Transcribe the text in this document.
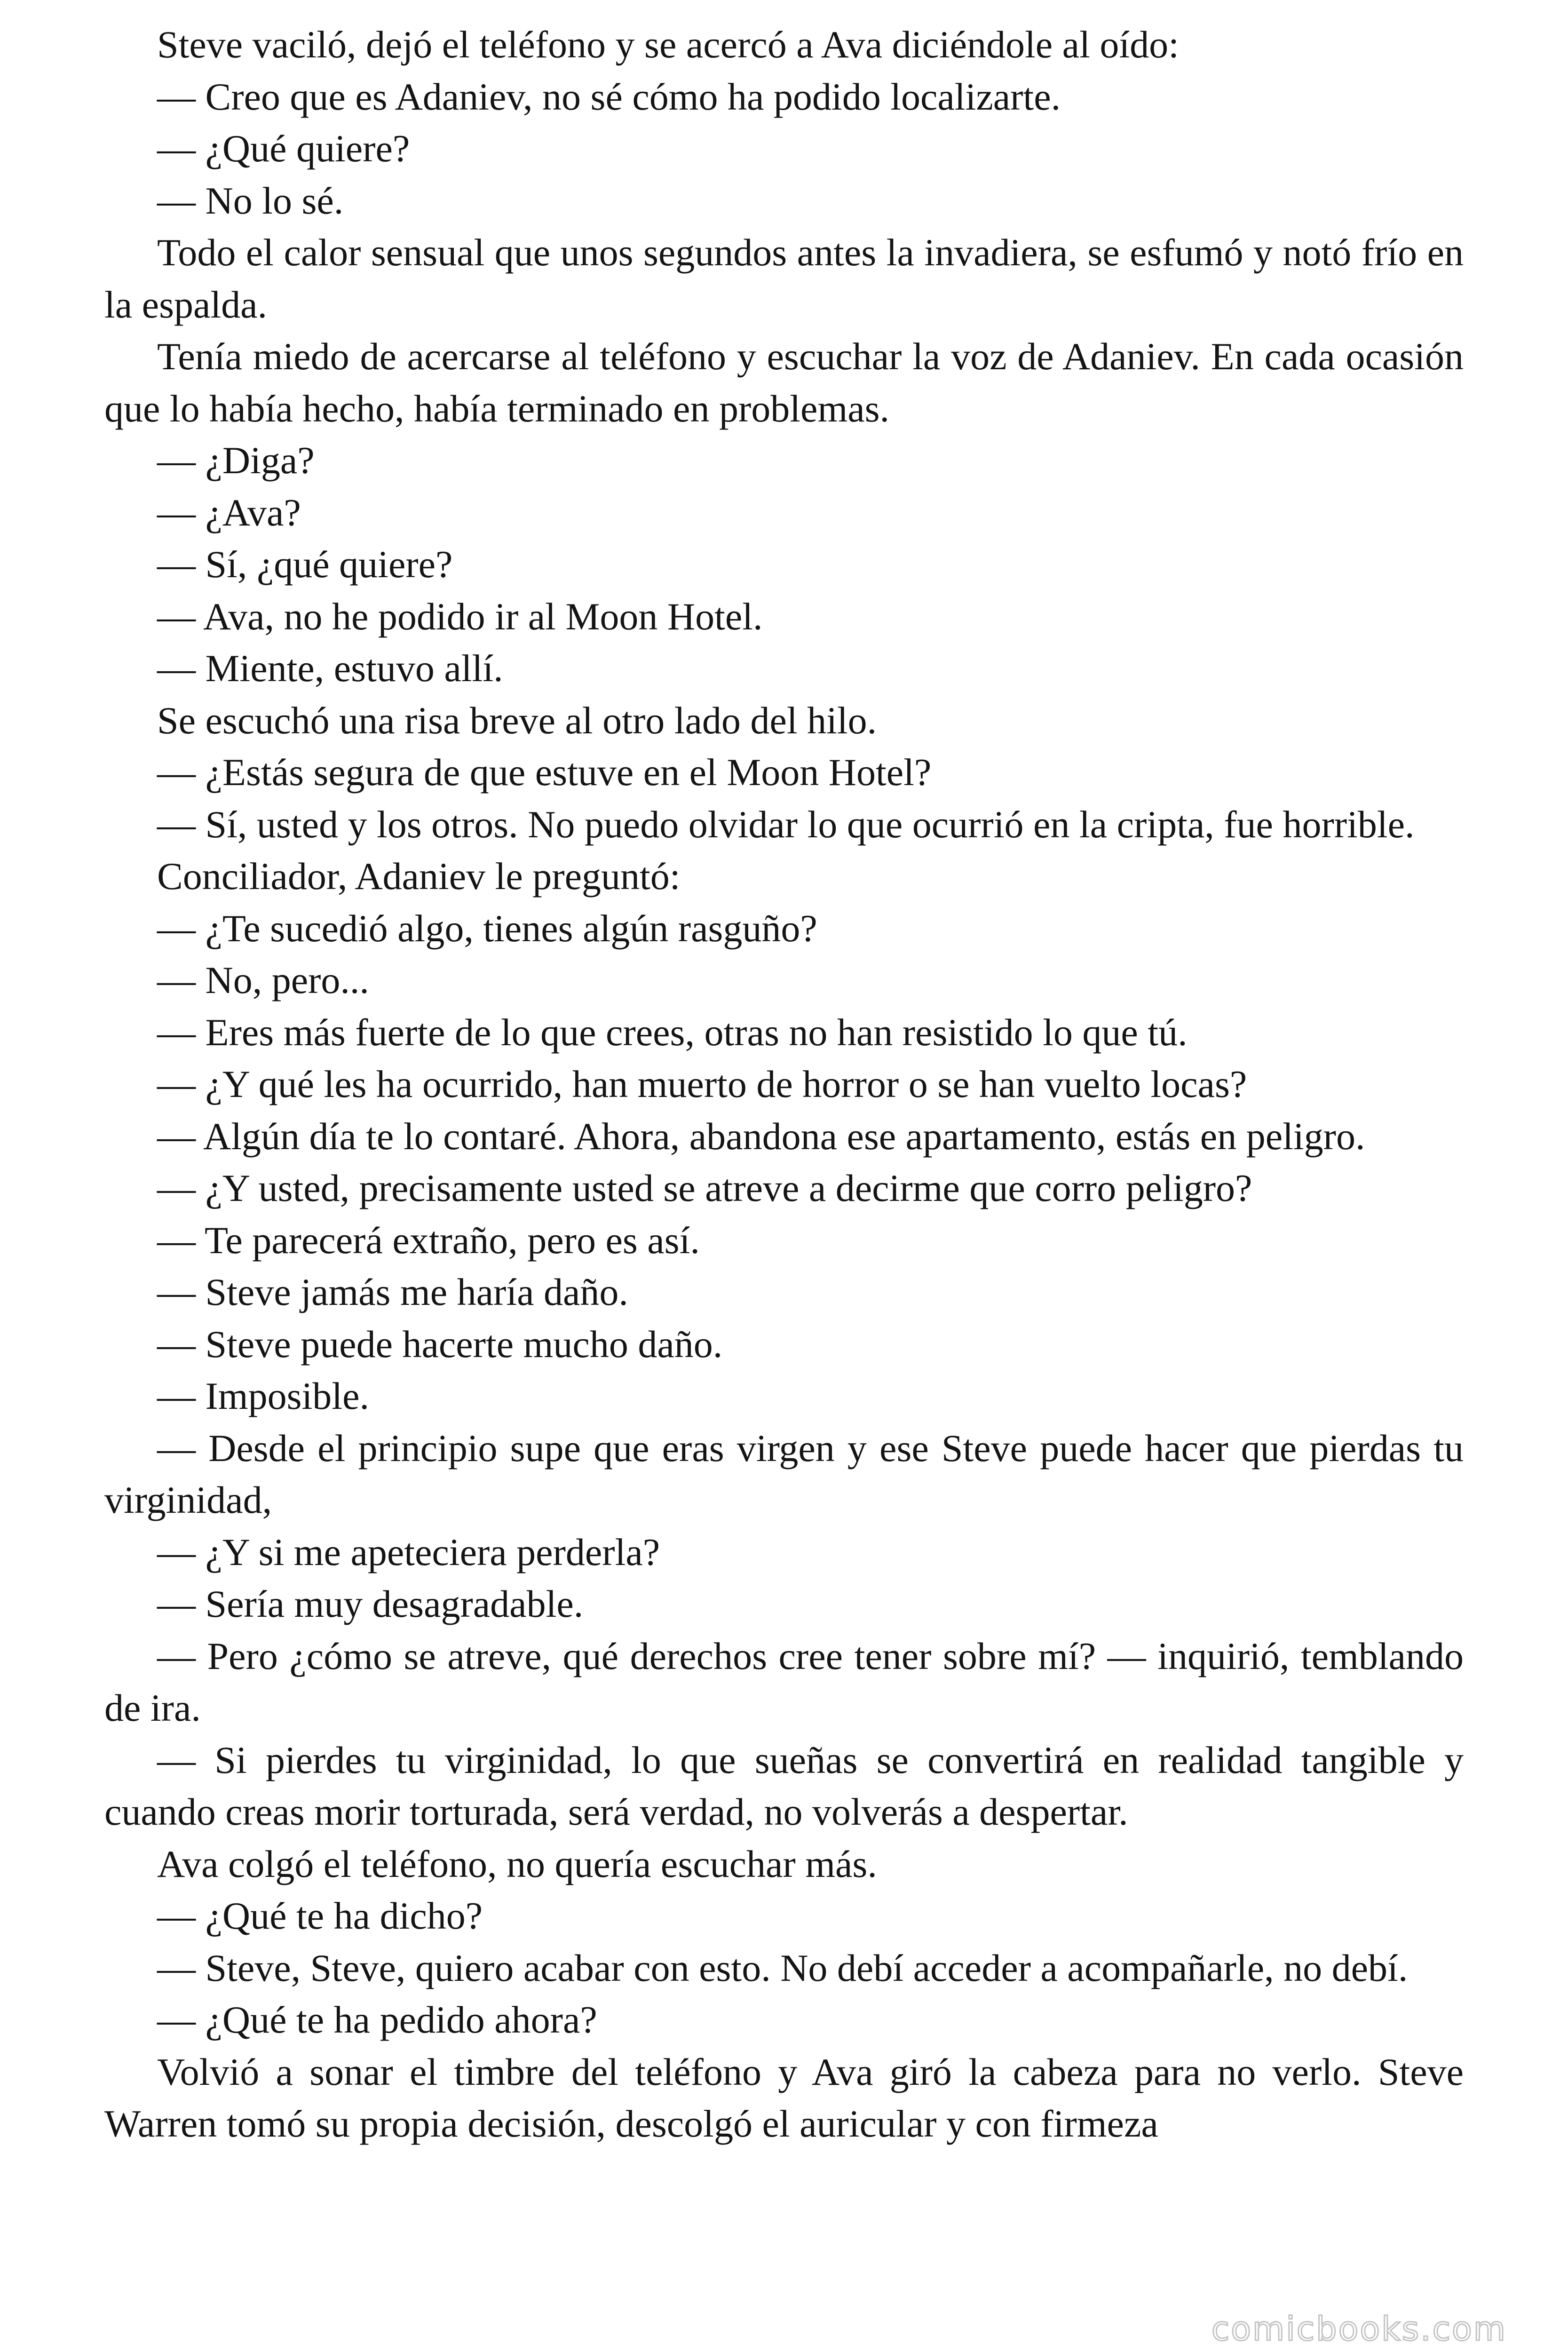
Steve vaciló, dejó el teléfono y se acercó a Ava diciéndole al oído:

— Creo que es Adaniev, no sé cómo ha podido localizarte.

— ¿Qué quiere?

— No lo sé.

Todo el calor sensual que unos segundos antes la invadiera, se esfumó y notó frío en la espalda.

Tenía miedo de acercarse al teléfono y escuchar la voz de Adaniev. En cada ocasión que lo había hecho, había terminado en problemas.

— ¿Diga?

— ¿Ava?

— Sí, ¿qué quiere?

— Ava, no he podido ir al Moon Hotel.

— Miente, estuvo allí.

Se escuchó una risa breve al otro lado del hilo.

— ¿Estás segura de que estuve en el Moon Hotel?

— Sí, usted y los otros. No puedo olvidar lo que ocurrió en la cripta, fue horrible.

Conciliador, Adaniev le preguntó:

— ¿Te sucedió algo, tienes algún rasguño?

— No, pero...

— Eres más fuerte de lo que crees, otras no han resistido lo que tú.

— ¿Y qué les ha ocurrido, han muerto de horror o se han vuelto locas?

— Algún día te lo contaré. Ahora, abandona ese apartamento, estás en peligro.

— ¿Y usted, precisamente usted se atreve a decirme que corro peligro?

— Te parecerá extraño, pero es así.

— Steve jamás me haría daño.

— Steve puede hacerte mucho daño.

— Imposible.

— Desde el principio supe que eras virgen y ese Steve puede hacer que pierdas tu virginidad,

— ¿Y si me apeteciera perderla?

— Sería muy desagradable.

— Pero ¿cómo se atreve, qué derechos cree tener sobre mí? — inquirió, temblando de ira.

— Si pierdes tu virginidad, lo que sueñas se convertirá en realidad tangible y cuando creas morir torturada, será verdad, no volverás a despertar.

Ava colgó el teléfono, no quería escuchar más.

— ¿Qué te ha dicho?

— Steve, Steve, quiero acabar con esto. No debí acceder a acompañarle, no debí.

— ¿Qué te ha pedido ahora?

Volvió a sonar el timbre del teléfono y Ava giró la cabeza para no verlo. Steve Warren tomó su propia decisión, descolgó el auricular y con firmeza

comicbooks.com
